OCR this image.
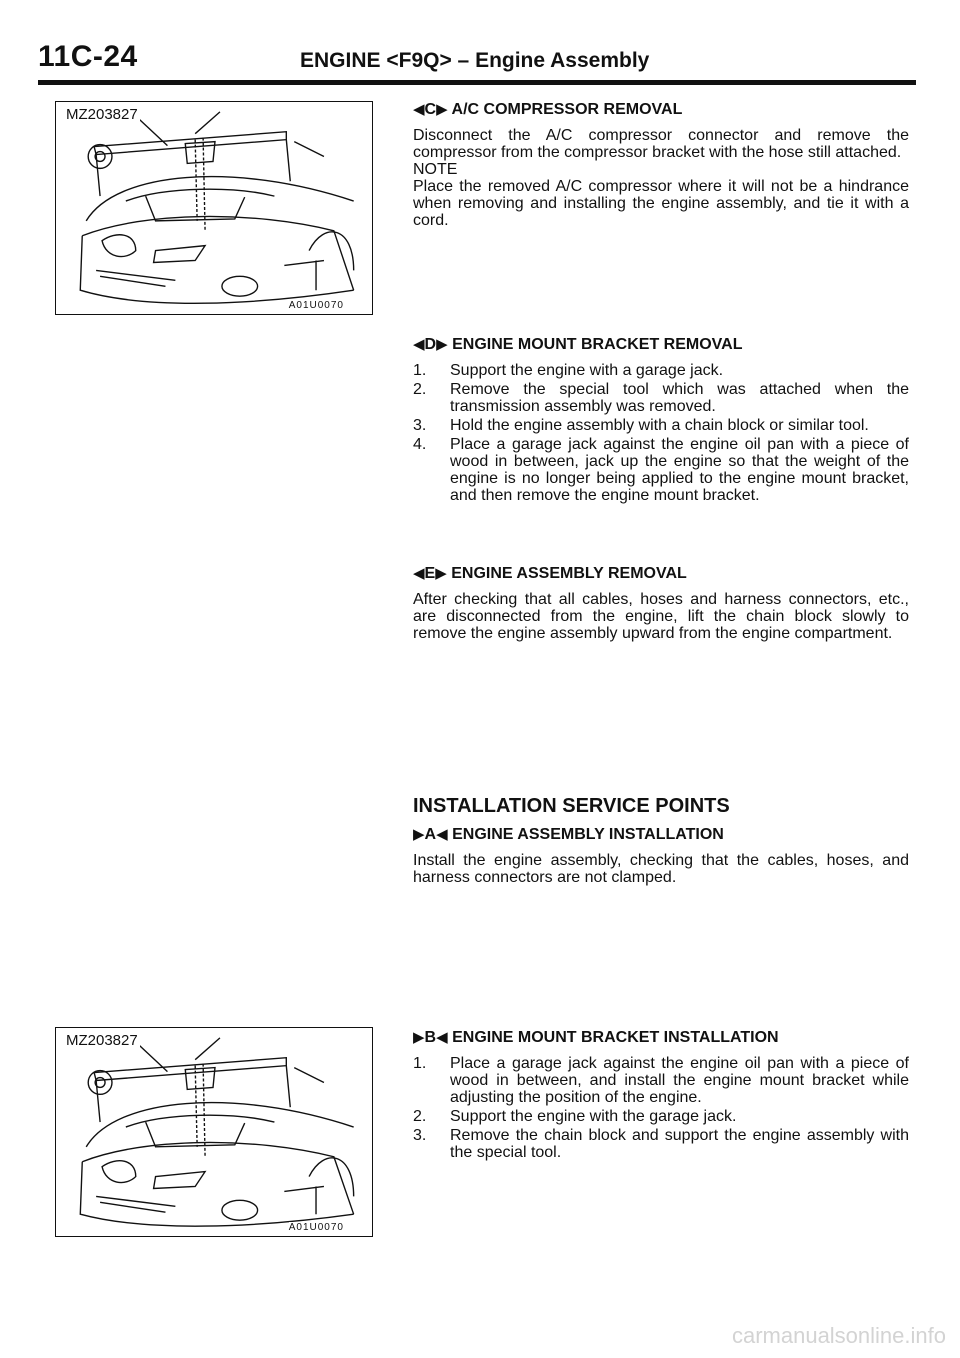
11C-24	ENGINE <F9Q> – Engine Assembly
MZ203827
A01U0070
MZ203827
A01U0070
◀C▶ A/C COMPRESSOR REMOVAL

Disconnect the A/C compressor connector and remove the compressor from the compressor bracket with the hose still attached.

NOTE

Place the removed A/C compressor where it will not be a hindrance when removing and installing the engine assembly, and tie it with a cord.

◀D▶ ENGINE MOUNT BRACKET REMOVAL
1. Support the engine with a garage jack.
2. Remove the special tool which was attached when the transmission assembly was removed.
3. Hold the engine assembly with a chain block or similar tool.
4. Place a garage jack against the engine oil pan with a piece of wood in between, jack up the engine so that the weight of the engine is no longer being applied to the engine mount bracket, and then remove the engine mount bracket.
◀E▶ ENGINE ASSEMBLY REMOVAL

After checking that all cables, hoses and harness connectors, etc., are disconnected from the engine, lift the chain block slowly to remove the engine assembly upward from the engine compartment.

INSTALLATION SERVICE POINTS
▶A◀ ENGINE ASSEMBLY INSTALLATION

Install the engine assembly, checking that the cables, hoses, and harness connectors are not clamped.

▶B◀ ENGINE MOUNT BRACKET INSTALLATION
1. Place a garage jack against the engine oil pan with a piece of wood in between, and install the engine mount bracket while adjusting the position of the engine.
2. Support the engine with the garage jack.
3. Remove the chain block and support the engine assembly with the special tool.
carmanualsonline.info
